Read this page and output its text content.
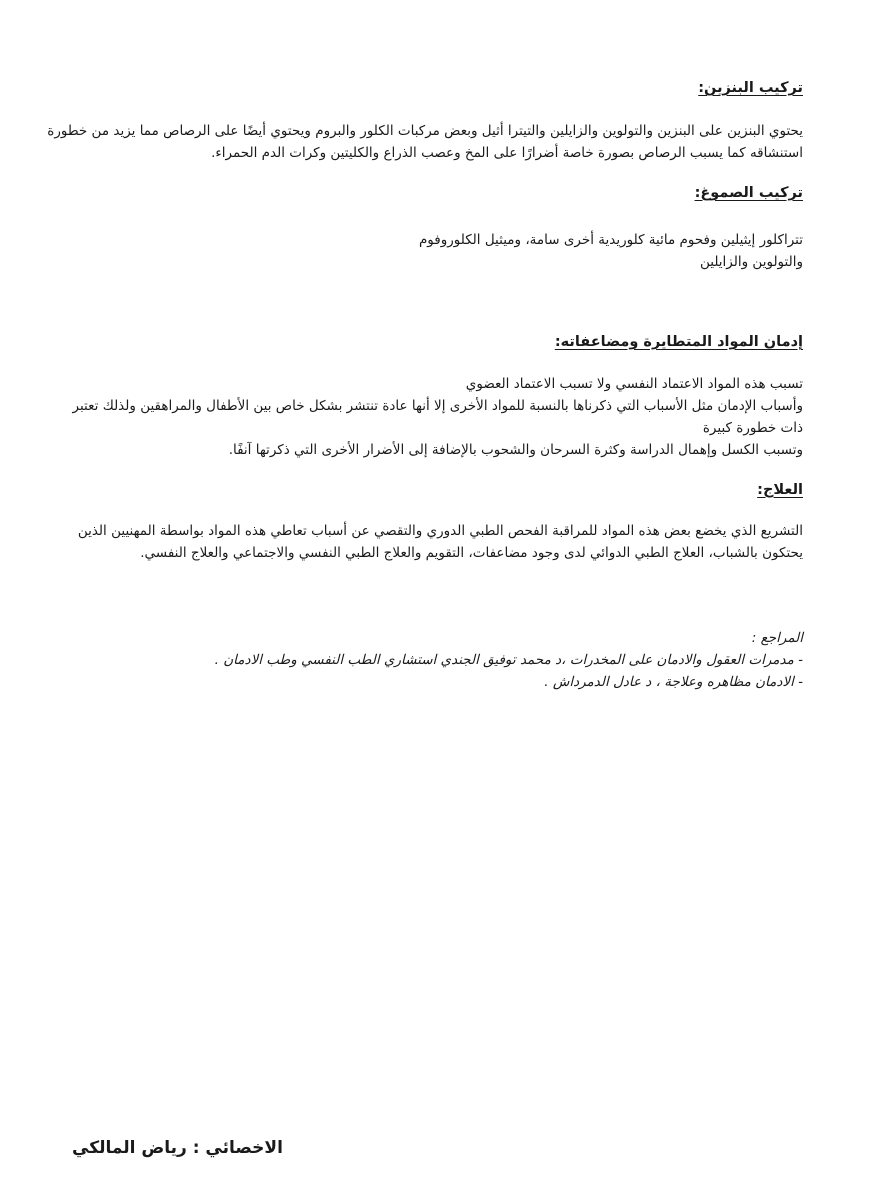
تركيب البنزين:
يحتوي البنزين على البنزين والتولوين والزايلين والتيترا أثيل وبعض مركبات الكلور والبروم ويحتوي أيضًا على الرصاص مما يزيد من خطورة
استنشاقه كما يسبب الرصاص بصورة خاصة أضرارًا على المخ وعصب الذراع والكليتين وكرات الدم الحمراء.
تركيب الصموغ:
تتراكلور إيثيلين وفحوم مائية كلوريدية أخرى سامة، وميثيل الكلوروفوم
والتولوين والزايلين
إدمان المواد المتطايرة ومضاعفاته:
تسبب هذه المواد الاعتماد النفسي ولا تسبب الاعتماد العضوي
وأسباب الإدمان مثل الأسباب التي ذكرناها بالنسبة للمواد الأخرى إلا أنها عادة تنتشر بشكل خاص بين الأطفال والمراهقين ولذلك تعتبر
ذات خطورة كبيرة
وتسبب الكسل وإهمال الدراسة وكثرة السرحان والشحوب بالإضافة إلى الأضرار الأخرى التي ذكرتها آنفًا.
العلاج:
التشريع الذي يخضع بعض هذه المواد للمراقبة الفحص الطبي الدوري والتقصي عن أسباب تعاطي هذه المواد بواسطة المهنيين الذين
يحتكون بالشباب، العلاج الطبي الدوائي لدى وجود مضاعفات، التقويم والعلاج الطبي النفسي والاجتماعي والعلاج النفسي.
المراجع :
- مدمرات العقول والادمان على المخدرات ،د محمد توفيق الجندي استشاري الطب النفسي وطب الادمان .
- الادمان مظاهره وعلاجة ، د عادل الدمرداش .
الاخصائي : رياض المالكي
